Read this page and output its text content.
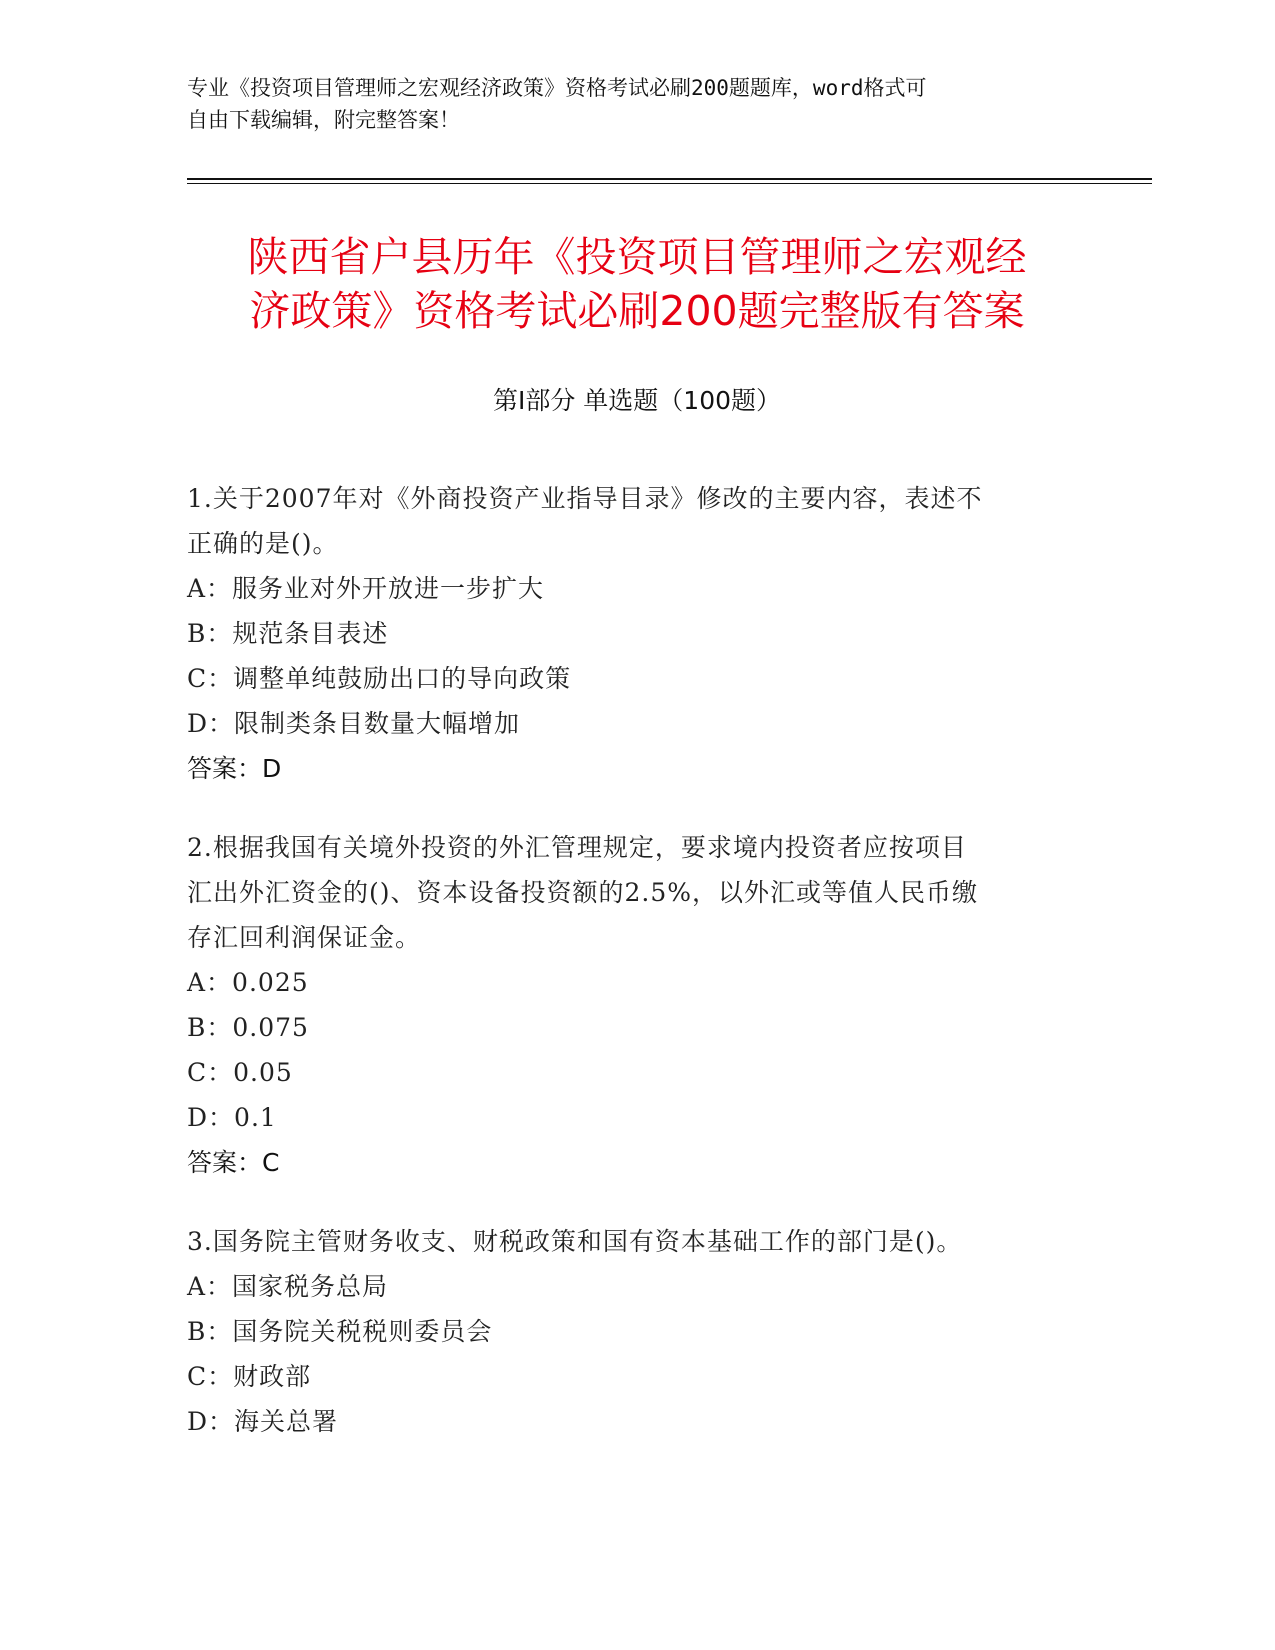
专业《投资项目管理师之宏观经济政策》资格考试必刷200题题库，word格式可
自由下载编辑，附完整答案！
陕西省户县历年《投资项目管理师之宏观经
济政策》资格考试必刷200题完整版有答案
第Ⅰ部分 单选题（100题）
1.关于2007年对《外商投资产业指导目录》修改的主要内容，表述不
正确的是()。
A：服务业对外开放进一步扩大
B：规范条目表述
C：调整单纯鼓励出口的导向政策
D：限制类条目数量大幅增加
答案：D
2.根据我国有关境外投资的外汇管理规定，要求境内投资者应按项目
汇出外汇资金的()、资本设备投资额的2.5%，以外汇或等值人民币缴
存汇回利润保证金。
A：0.025
B：0.075
C：0.05
D：0.1
答案：C
3.国务院主管财务收支、财税政策和国有资本基础工作的部门是()。
A：国家税务总局
B：国务院关税税则委员会
C：财政部
D：海关总署
